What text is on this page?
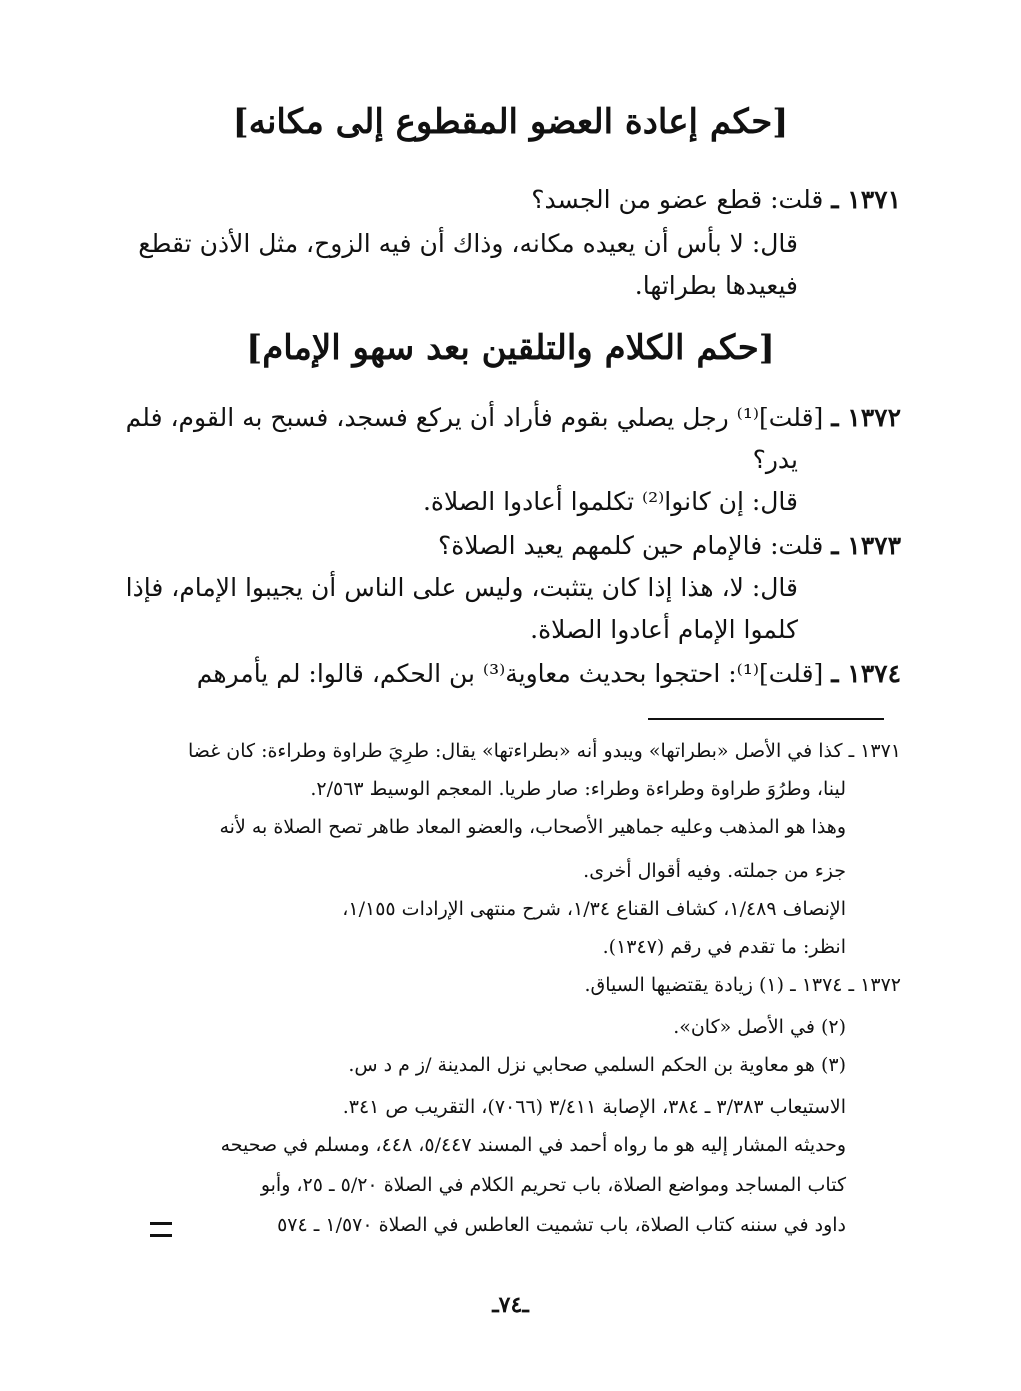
[حكم إعادة العضو المقطوع إلى مكانه]
١٣٧١ ـ قلت: قطع عضو من الجسد؟
قال: لا بأس أن يعيده مكانه، وذاك أن فيه الزوح، مثل الأذن تقطع
فيعيدها بطراتها.
[حكم الكلام والتلقين بعد سهو الإمام]
١٣٧٢ ـ [قلت]⁽¹⁾ رجل يصلي بقوم فأراد أن يركع فسجد، فسبح به القوم، فلم
يدر؟
قال: إن كانوا⁽²⁾ تكلموا أعادوا الصلاة.
١٣٧٣ ـ قلت: فالإمام حين كلمهم يعيد الصلاة؟
قال: لا، هذا إذا كان يتثبت، وليس على الناس أن يجيبوا الإمام، فإذا
كلموا الإمام أعادوا الصلاة.
١٣٧٤ ـ [قلت]⁽¹⁾: احتجوا بحديث معاوية⁽³⁾ بن الحكم، قالوا: لم يأمرهم
١٣٧١ ـ كذا في الأصل «بطراتها» ويبدو أنه «بطراءتها» يقال: طرِيَ طراوة وطراءة: كان غضا
لينا، وطرُوَ طراوة وطراءة وطراء: صار طريا. المعجم الوسيط ٢/٥٦٣.
وهذا هو المذهب وعليه جماهير الأصحاب، والعضو المعاد طاهر تصح الصلاة به لأنه
جزء من جملته. وفيه أقوال أخرى.
الإنصاف ١/٤٨٩، كشاف القناع ١/٣٤، شرح منتهى الإرادات ١/١٥٥،
انظر: ما تقدم في رقم (١٣٤٧).
١٣٧٢ ـ ١٣٧٤ ـ (١) زيادة يقتضيها السياق.
(٢) في الأصل «كان».
(٣) هو معاوية بن الحكم السلمي صحابي نزل المدينة /ز م د س.
الاستيعاب ٣/٣٨٣ ـ ٣٨٤، الإصابة ٣/٤١١ (٧٠٦٦)، التقريب ص ٣٤١.
وحديثه المشار إليه هو ما رواه أحمد في المسند ٥/٤٤٧، ٤٤٨، ومسلم في صحيحه
كتاب المساجد ومواضع الصلاة، باب تحريم الكلام في الصلاة ٥/٢٠ ـ ٢٥، وأبو
داود في سننه كتاب الصلاة، باب تشميت العاطس في الصلاة ١/٥٧٠ ـ ٥٧٤
ـ٧٤ـ
